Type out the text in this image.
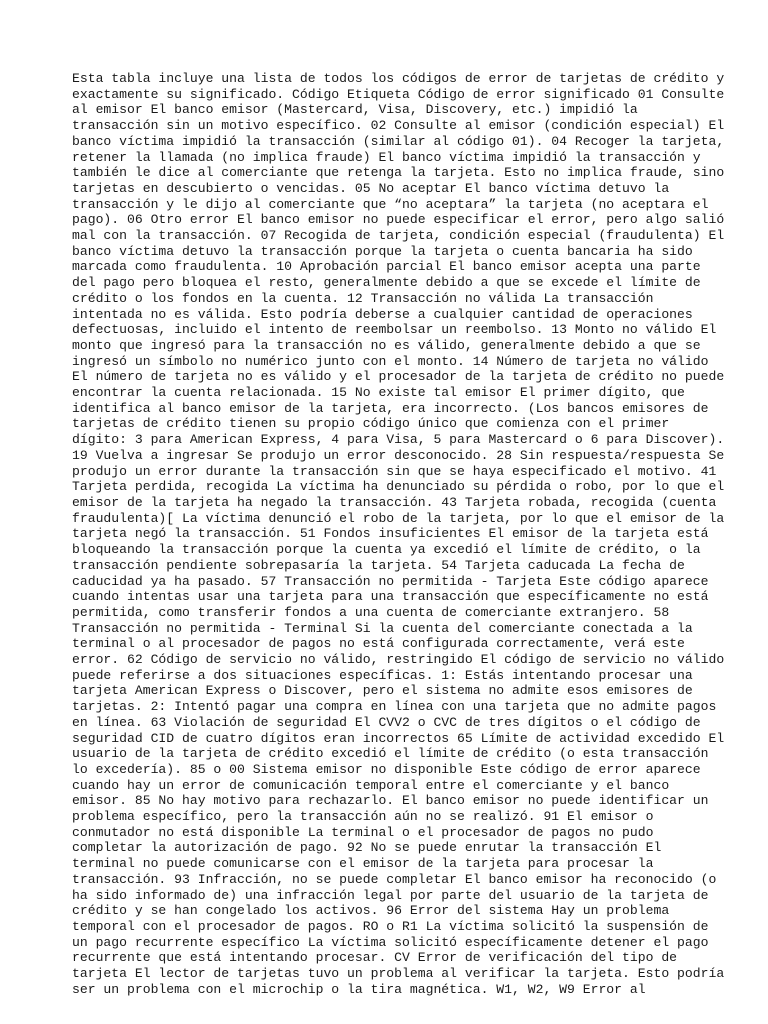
Esta tabla incluye una lista de todos los códigos de error de tarjetas de crédito y
exactamente su significado. Código Etiqueta Código de error significado 01 Consulte
al emisor El banco emisor (Mastercard, Visa, Discovery, etc.) impidió la
transacción sin un motivo específico. 02 Consulte al emisor (condición especial) El
banco víctima impidió la transacción (similar al código 01). 04 Recoger la tarjeta,
retener la llamada (no implica fraude) El banco víctima impidió la transacción y
también le dice al comerciante que retenga la tarjeta. Esto no implica fraude, sino
tarjetas en descubierto o vencidas. 05 No aceptar El banco víctima detuvo la
transacción y le dijo al comerciante que “no aceptara” la tarjeta (no aceptara el
pago). 06 Otro error El banco emisor no puede especificar el error, pero algo salió
mal con la transacción. 07 Recogida de tarjeta, condición especial (fraudulenta) El
banco víctima detuvo la transacción porque la tarjeta o cuenta bancaria ha sido
marcada como fraudulenta. 10 Aprobación parcial El banco emisor acepta una parte
del pago pero bloquea el resto, generalmente debido a que se excede el límite de
crédito o los fondos en la cuenta. 12 Transacción no válida La transacción
intentada no es válida. Esto podría deberse a cualquier cantidad de operaciones
defectuosas, incluido el intento de reembolsar un reembolso. 13 Monto no válido El
monto que ingresó para la transacción no es válido, generalmente debido a que se
ingresó un símbolo no numérico junto con el monto. 14 Número de tarjeta no válido
El número de tarjeta no es válido y el procesador de la tarjeta de crédito no puede
encontrar la cuenta relacionada. 15 No existe tal emisor El primer dígito, que
identifica al banco emisor de la tarjeta, era incorrecto. (Los bancos emisores de
tarjetas de crédito tienen su propio código único que comienza con el primer
dígito: 3 para American Express, 4 para Visa, 5 para Mastercard o 6 para Discover).
19 Vuelva a ingresar Se produjo un error desconocido. 28 Sin respuesta/respuesta Se
produjo un error durante la transacción sin que se haya especificado el motivo. 41
Tarjeta perdida, recogida La víctima ha denunciado su pérdida o robo, por lo que el
emisor de la tarjeta ha negado la transacción. 43 Tarjeta robada, recogida (cuenta
fraudulenta)[ La víctima denunció el robo de la tarjeta, por lo que el emisor de la
tarjeta negó la transacción. 51 Fondos insuficientes El emisor de la tarjeta está
bloqueando la transacción porque la cuenta ya excedió el límite de crédito, o la
transacción pendiente sobrepasaría la tarjeta. 54 Tarjeta caducada La fecha de
caducidad ya ha pasado. 57 Transacción no permitida - Tarjeta Este código aparece
cuando intentas usar una tarjeta para una transacción que específicamente no está
permitida, como transferir fondos a una cuenta de comerciante extranjero. 58
Transacción no permitida - Terminal Si la cuenta del comerciante conectada a la
terminal o al procesador de pagos no está configurada correctamente, verá este
error. 62 Código de servicio no válido, restringido El código de servicio no válido
puede referirse a dos situaciones específicas. 1: Estás intentando procesar una
tarjeta American Express o Discover, pero el sistema no admite esos emisores de
tarjetas. 2: Intentó pagar una compra en línea con una tarjeta que no admite pagos
en línea. 63 Violación de seguridad El CVV2 o CVC de tres dígitos o el código de
seguridad CID de cuatro dígitos eran incorrectos 65 Límite de actividad excedido El
usuario de la tarjeta de crédito excedió el límite de crédito (o esta transacción
lo excedería). 85 o 00 Sistema emisor no disponible Este código de error aparece
cuando hay un error de comunicación temporal entre el comerciante y el banco
emisor. 85 No hay motivo para rechazarlo. El banco emisor no puede identificar un
problema específico, pero la transacción aún no se realizó. 91 El emisor o
conmutador no está disponible La terminal o el procesador de pagos no pudo
completar la autorización de pago. 92 No se puede enrutar la transacción El
terminal no puede comunicarse con el emisor de la tarjeta para procesar la
transacción. 93 Infracción, no se puede completar El banco emisor ha reconocido (o
ha sido informado de) una infracción legal por parte del usuario de la tarjeta de
crédito y se han congelado los activos. 96 Error del sistema Hay un problema
temporal con el procesador de pagos. RO o R1 La víctima solicitó la suspensión de
un pago recurrente específico La víctima solicitó específicamente detener el pago
recurrente que está intentando procesar. CV Error de verificación del tipo de
tarjeta El lector de tarjetas tuvo un problema al verificar la tarjeta. Esto podría
ser un problema con el microchip o la tira magnética. W1, W2, W9 Error al
